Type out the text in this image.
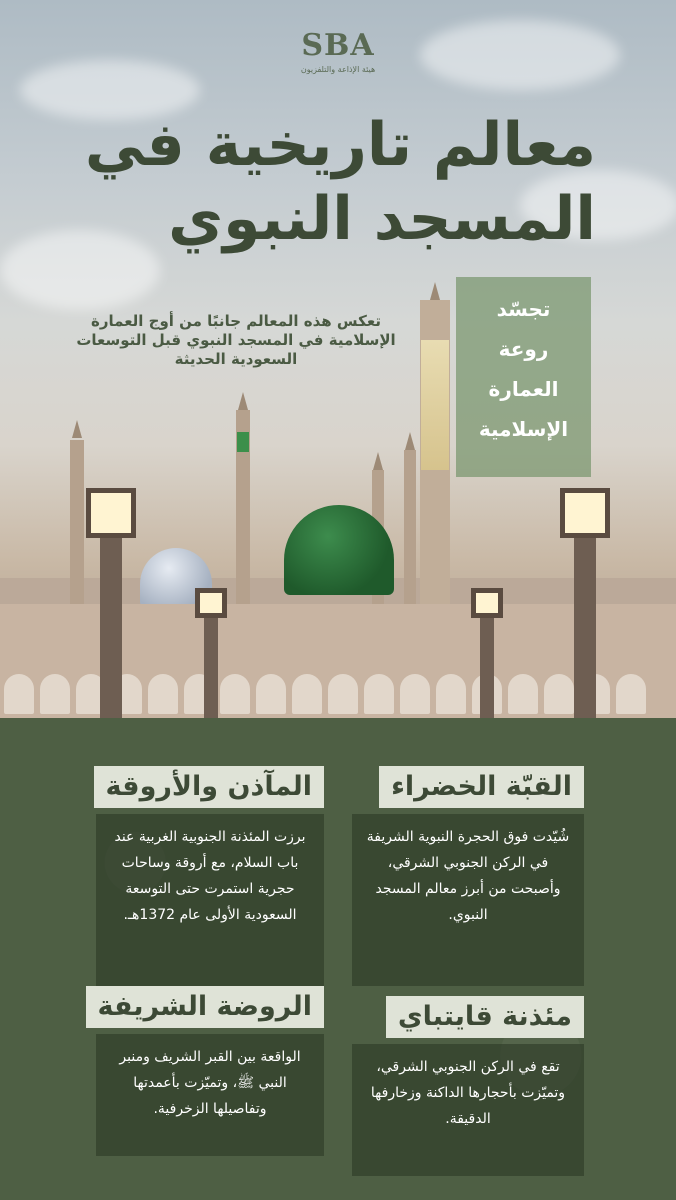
SBA
هيئة الإذاعة والتلفزيون
معالم تاريخية في
المسجد النبوي
تعكس هذه المعالم جانبًا من أوج العمارة الإسلامية في المسجد النبوي قبل التوسعات السعودية الحديثة
تجسّد
روعة
العمارة
الإسلامية
القبّة الخضراء
شُيّدت فوق الحجرة النبوية الشريفة في الركن الجنوبي الشرقي، وأصبحت من أبرز معالم المسجد النبوي.
المآذن والأروقة
برزت المئذنة الجنوبية الغربية عند باب السلام، مع أروقة وساحات حجرية استمرت حتى التوسعة السعودية الأولى عام 1372هـ.
مئذنة قايتباي
تقع في الركن الجنوبي الشرقي، وتميّزت بأحجارها الداكنة وزخارفها الدقيقة.
الروضة الشريفة
الواقعة بين القبر الشريف ومنبر النبي ﷺ، وتميّزت بأعمدتها وتفاصيلها الزخرفية.
